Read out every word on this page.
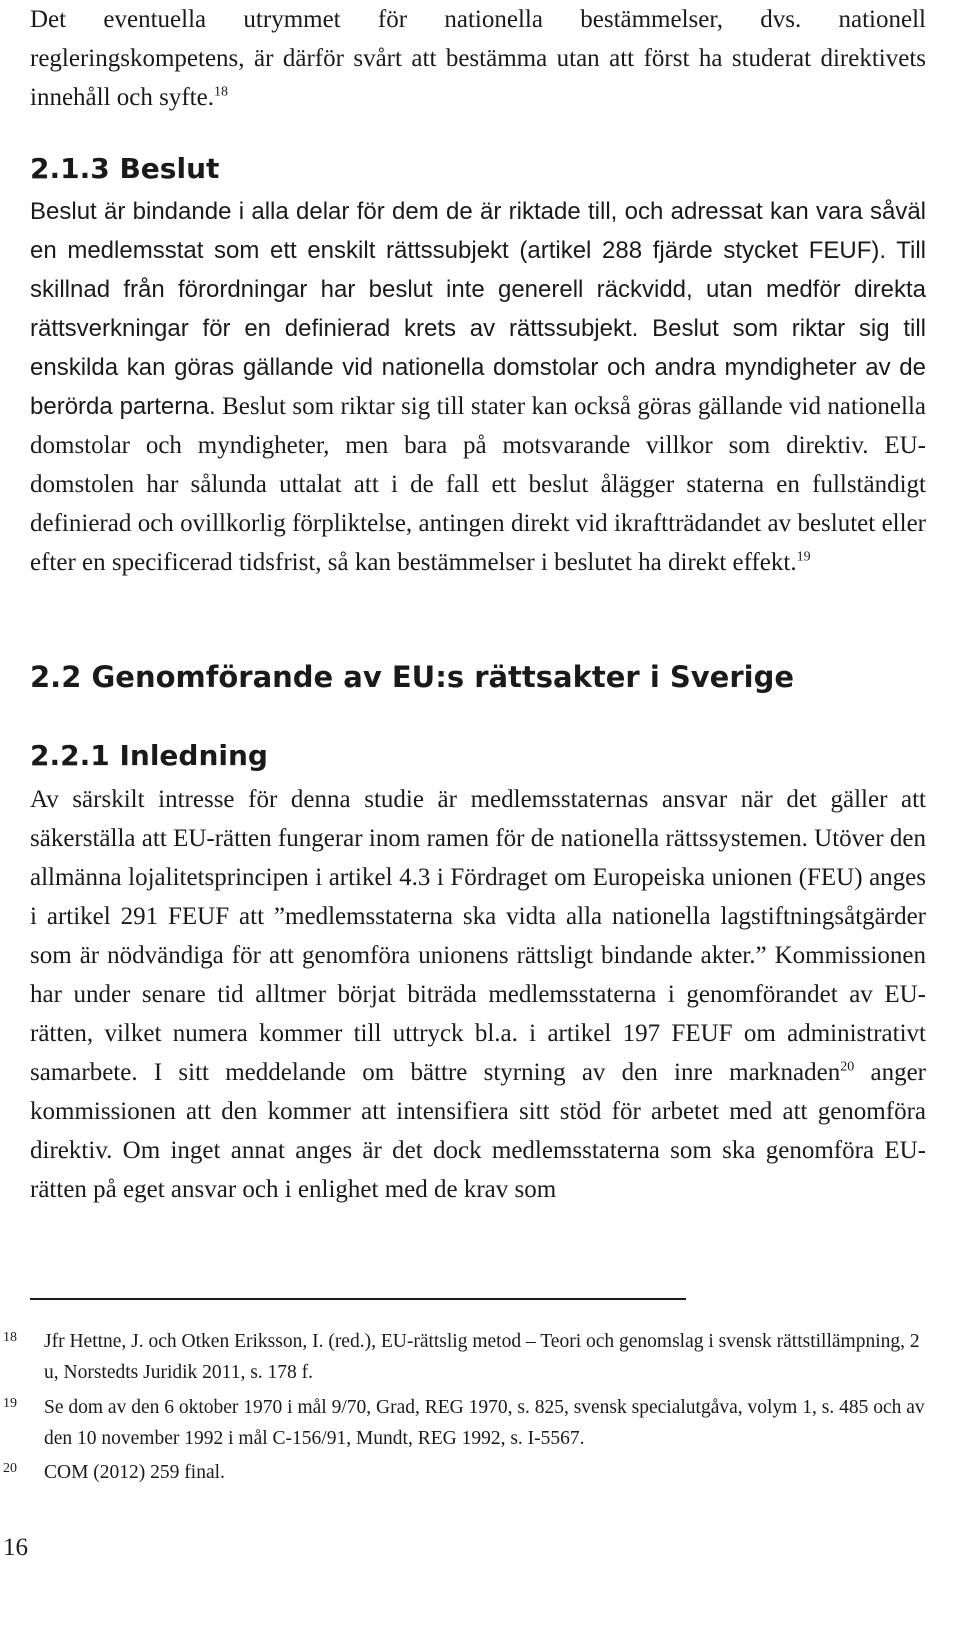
Det eventuella utrymmet för nationella bestämmelser, dvs. nationell regleringskompetens, är därför svårt att bestämma utan att först ha studerat direktivets innehåll och syfte.$^{18}$

2.1.3 Beslut

Beslut är bindande i alla delar för dem de är riktade till, och adressat kan vara såväl en medlemsstat som ett enskilt rättssubjekt (artikel 288 fjärde stycket FEUF). Till skillnad från förordningar har beslut inte generell räckvidd, utan medför direkta rättsverkningar för en definierad krets av rättssubjekt. Beslut som riktar sig till enskilda kan göras gällande vid nationella domstolar och andra myndigheter av de berörda parterna. Beslut som riktar sig till stater kan också göras gällande vid nationella domstolar och myndigheter, men bara på motsvarande villkor som direktiv. EU-domstolen har sålunda uttalat att i de fall ett beslut ålägger staterna en fullständigt definierad och ovillkorlig förpliktelse, antingen direkt vid ikraftträdandet av beslutet eller efter en specificerad tidsfrist, så kan bestämmelser i beslutet ha direkt effekt.$^{19}$

2.2 Genomförande av EU:s rättsakter i Sverige
2.2.1 Inledning

Av särskilt intresse för denna studie är medlemsstaternas ansvar när det gäller att säkerställa att EU-rätten fungerar inom ramen för de nationella rättssystemen. Utöver den allmänna lojalitetsprincipen i artikel 4.3 i Fördraget om Europeiska unionen (FEU) anges i artikel 291 FEUF att ”medlemsstaterna ska vidta alla nationella lagstiftningsåtgärder som är nödvändiga för att genomföra unionens rättsligt bindande akter.” Kommissionen har under senare tid alltmer börjat biträda medlemsstaterna i genomförandet av EU-rätten, vilket numera kommer till uttryck bl.a. i artikel 197 FEUF om administrativt samarbete. I sitt meddelande om bättre styrning av den inre marknaden$^{20}$ anger kommissionen att den kommer att intensifiera sitt stöd för arbetet med att genomföra direktiv. Om inget annat anges är det dock medlemsstaterna som ska genomföra EU-rätten på eget ansvar och i enlighet med de krav som

18 Jfr Hettne, J. och Otken Eriksson, I. (red.), EU-rättslig metod – Teori och genomslag i svensk rättstillämpning, 2 u, Norstedts Juridik 2011, s. 178 f.
19 Se dom av den 6 oktober 1970 i mål 9/70, Grad, REG 1970, s. 825, svensk specialutgåva, volym 1, s. 485 och av den 10 november 1992 i mål C-156/91, Mundt, REG 1992, s. I-5567.
20 COM (2012) 259 final.
16
